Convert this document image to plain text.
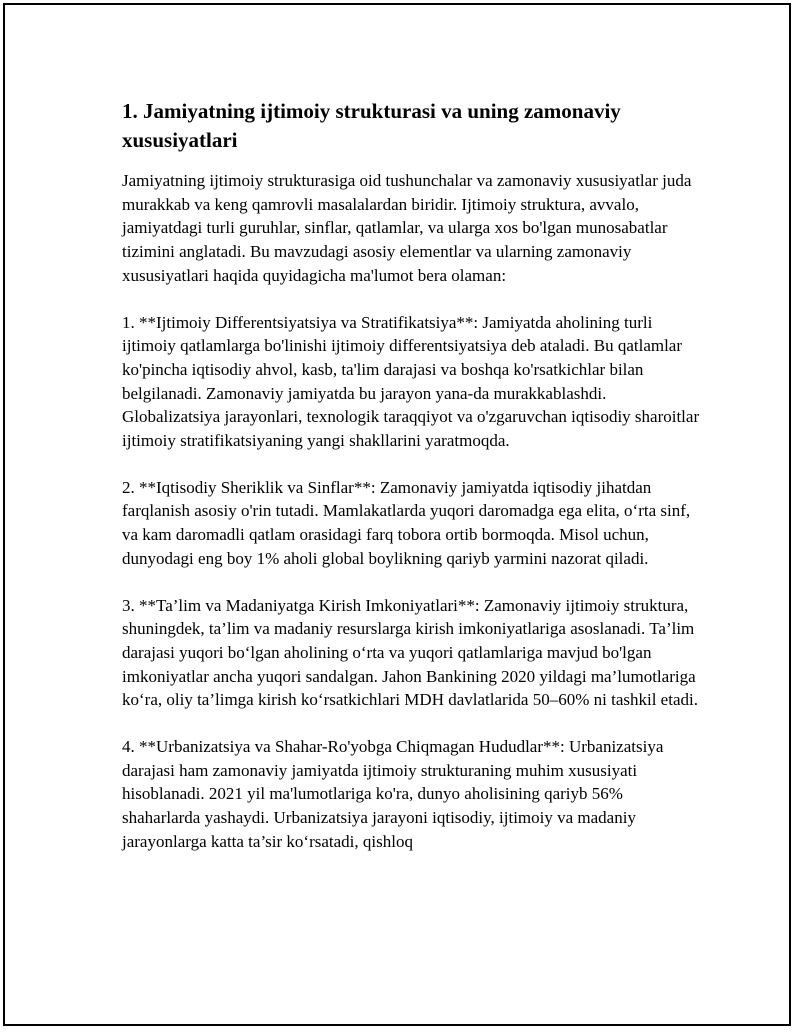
1. Jamiyatning ijtimoiy strukturasi va uning zamonaviy xususiyatlari

Jamiyatning ijtimoiy strukturasiga oid tushunchalar va zamonaviy xususiyatlar juda murakkab va keng qamrovli masalalardan biridir. Ijtimoiy struktura, avvalo, jamiyatdagi turli guruhlar, sinflar, qatlamlar, va ularga xos bo'lgan munosabatlar tizimini anglatadi. Bu mavzudagi asosiy elementlar va ularning zamonaviy xususiyatlari haqida quyidagicha ma'lumot bera olaman:

1. **Ijtimoiy Differentsiyatsiya va Stratifikatsiya**: Jamiyatda aholining turli ijtimoiy qatlamlarga bo'linishi ijtimoiy differentsiyatsiya deb ataladi. Bu qatlamlar ko'pincha iqtisodiy ahvol, kasb, ta'lim darajasi va boshqa ko'rsatkichlar bilan belgilanadi. Zamonaviy jamiyatda bu jarayon yana-da murakkablashdi. Globalizatsiya jarayonlari, texnologik taraqqiyot va o'zgaruvchan iqtisodiy sharoitlar ijtimoiy stratifikatsiyaning yangi shakllarini yaratmoqda.

2. **Iqtisodiy Sheriklik va Sinflar**: Zamonaviy jamiyatda iqtisodiy jihatdan farqlanish asosiy o'rin tutadi. Mamlakatlarda yuqori daromadga ega elita, o‘rta sinf, va kam daromadli qatlam orasidagi farq tobora ortib bormoqda. Misol uchun, dunyodagi eng boy 1% aholi global boylikning qariyb yarmini nazorat qiladi.

3. **Ta’lim va Madaniyatga Kirish Imkoniyatlari**: Zamonaviy ijtimoiy struktura, shuningdek, ta’lim va madaniy resurslarga kirish imkoniyatlariga asoslanadi. Ta’lim darajasi yuqori bo‘lgan aholining o‘rta va yuqori qatlamlariga mavjud bo'lgan imkoniyatlar ancha yuqori sandalgan. Jahon Bankining 2020 yildagi ma’lumotlariga ko‘ra, oliy ta’limga kirish ko‘rsatkichlari MDH davlatlarida 50–60% ni tashkil etadi.

4. **Urbanizatsiya va Shahar-Ro'yobga Chiqmagan Hududlar**: Urbanizatsiya darajasi ham zamonaviy jamiyatda ijtimoiy strukturaning muhim xususiyati hisoblanadi. 2021 yil ma'lumotlariga ko'ra, dunyo aholisining qariyb 56% shaharlarda yashaydi. Urbanizatsiya jarayoni iqtisodiy, ijtimoiy va madaniy jarayonlarga katta ta’sir ko‘rsatadi, qishloq
